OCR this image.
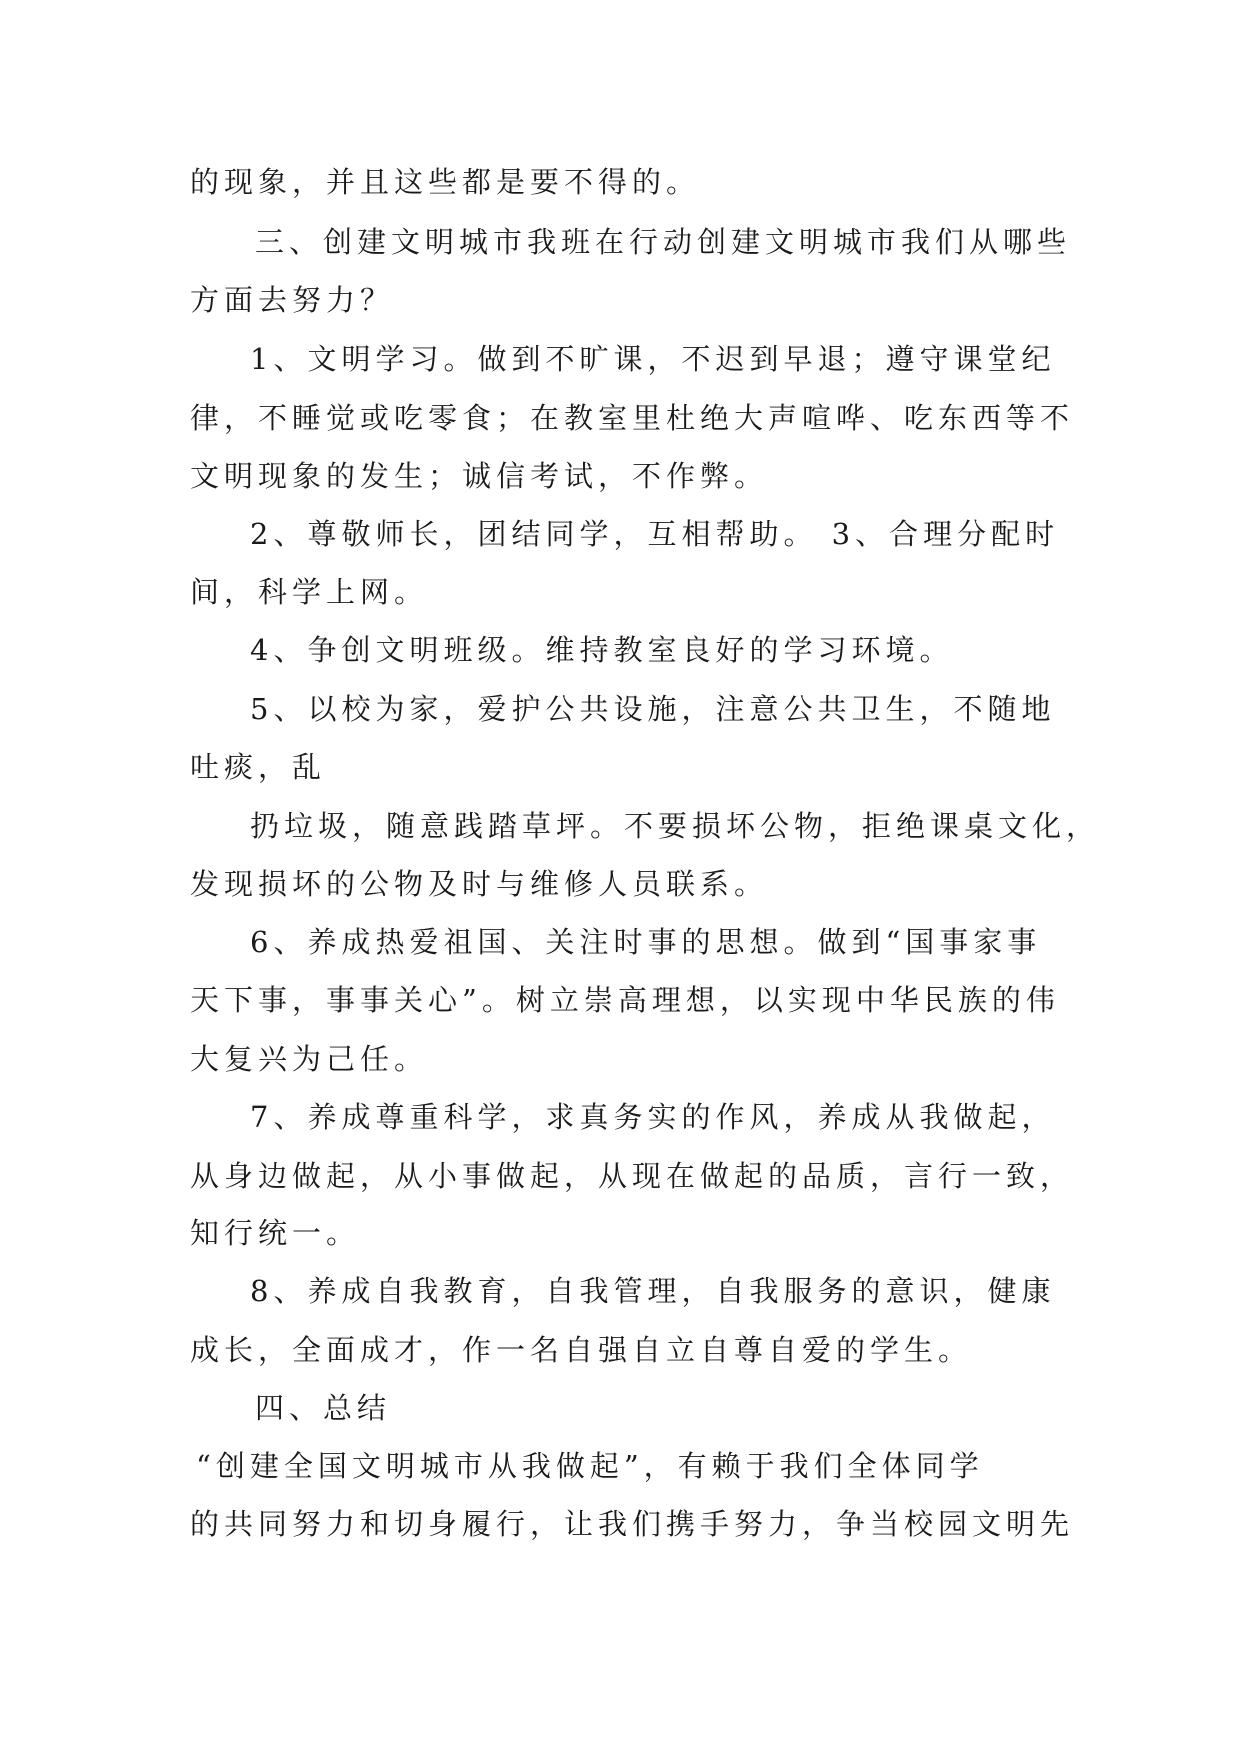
的现象，并且这些都是要不得的。
三、创建文明城市我班在行动创建文明城市我们从哪些
方面去努力？
1、文明学习。做到不旷课，不迟到早退；遵守课堂纪
律，不睡觉或吃零食；在教室里杜绝大声喧哗、吃东西等不
文明现象的发生；诚信考试，不作弊。
2、尊敬师长，团结同学，互相帮助。 3、合理分配时
间，科学上网。
4、争创文明班级。维持教室良好的学习环境。
5、以校为家，爱护公共设施，注意公共卫生，不随地
吐痰，乱
扔垃圾，随意践踏草坪。不要损坏公物，拒绝课桌文化，
发现损坏的公物及时与维修人员联系。
6、养成热爱祖国、关注时事的思想。做到“国事家事
天下事，事事关心”。树立崇高理想，以实现中华民族的伟
大复兴为己任。
7、养成尊重科学，求真务实的作风，养成从我做起，
从身边做起，从小事做起，从现在做起的品质，言行一致，
知行统一。
8、养成自我教育，自我管理，自我服务的意识，健康
成长，全面成才，作一名自强自立自尊自爱的学生。
四、总结
“创建全国文明城市从我做起”，有赖于我们全体同学
的共同努力和切身履行，让我们携手努力，争当校园文明先
